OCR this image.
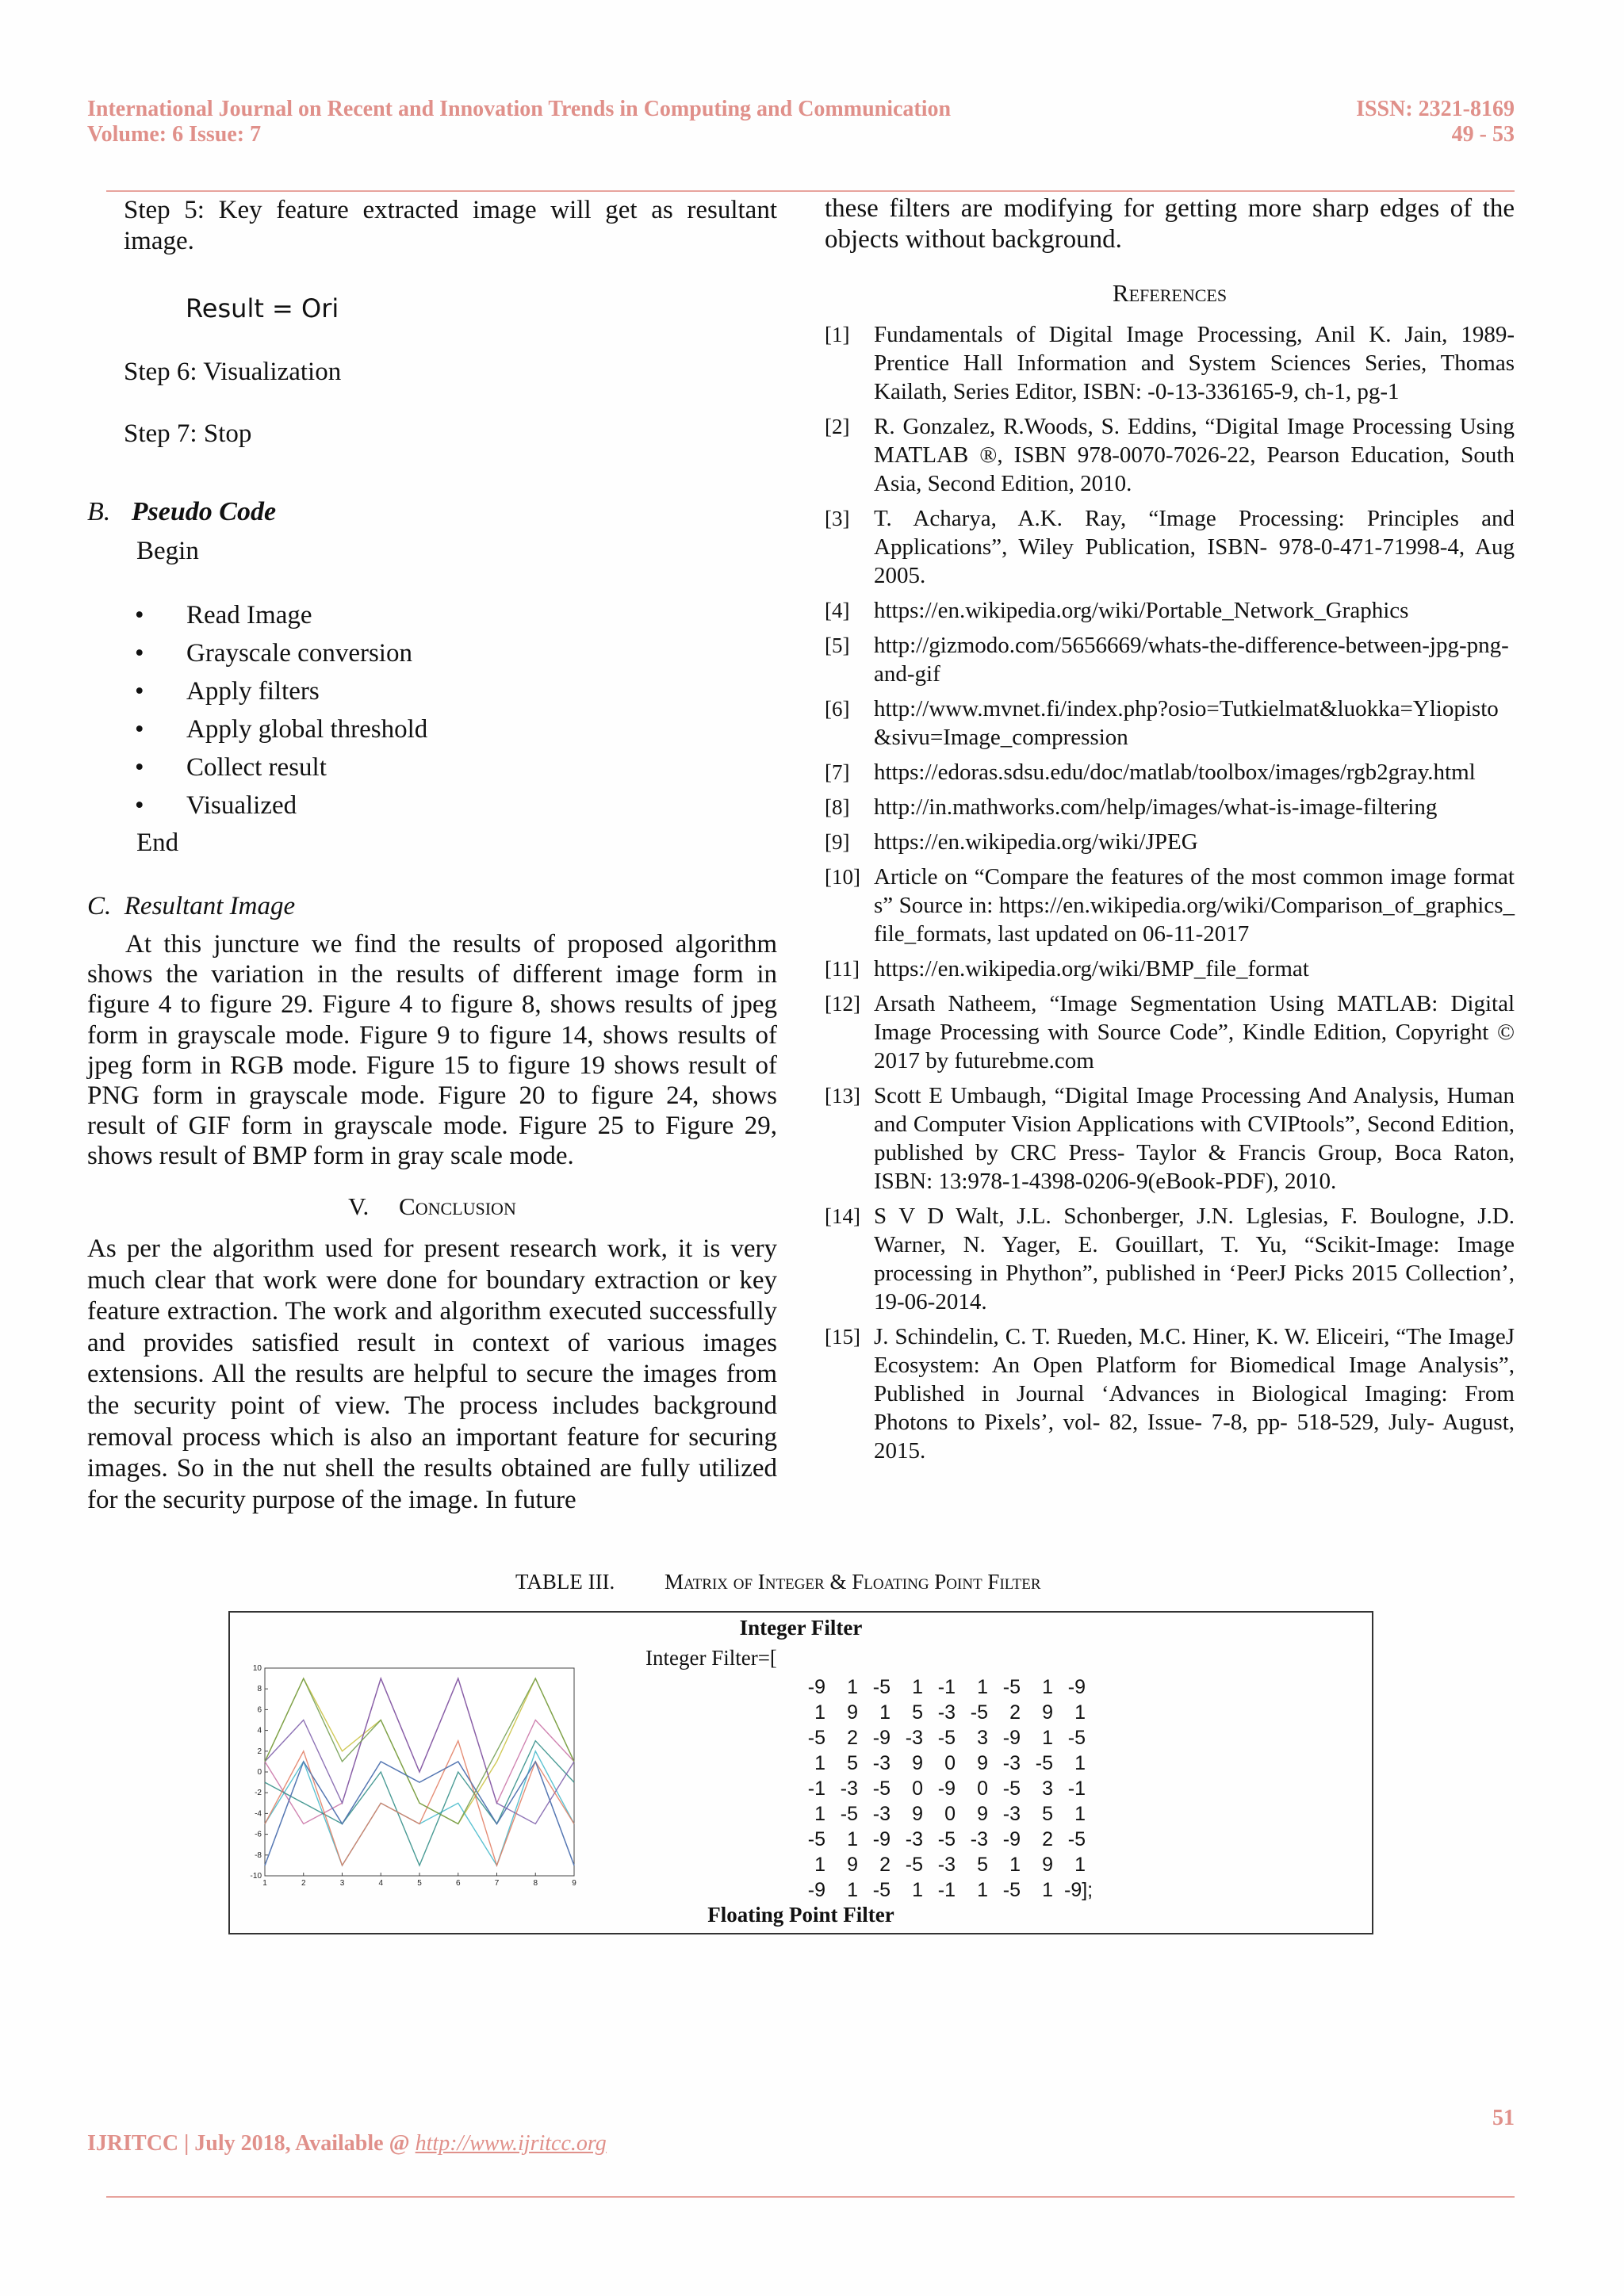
International Journal on Recent and Innovation Trends in Computing and Communication
Volume: 6 Issue: 7
ISSN: 2321-8169
49 - 53

Step 5: Key feature extracted image will get as resultant image.

Result = Ori

Step 6: Visualization

Step 7: Stop

B. Pseudo Code

Begin

• Read Image
• Grayscale conversion
• Apply filters
• Apply global threshold
• Collect result
• Visualized

End

C.  Resultant Image

At this juncture we find the results of proposed algorithm shows the variation in the results of different image form in figure 4 to figure 29. Figure 4 to figure 8, shows results of jpeg form in grayscale mode. Figure 9 to figure 14, shows results of jpeg form in RGB mode. Figure 15 to figure 19 shows result of PNG form in grayscale mode. Figure 20 to figure 24, shows result of GIF form in grayscale mode. Figure 25 to Figure 29, shows result of BMP form in gray scale mode.

V. Conclusion

As per the algorithm used for present research work, it is very much clear that work were done for boundary extraction or key feature extraction. The work and algorithm executed successfully and provides satisfied result in context of various images extensions. All the results are helpful to secure the images from the security point of view. The process includes background removal process which is also an important feature for securing images. So in the nut shell the results obtained are fully utilized for the security purpose of the image. In future

these filters are modifying for getting more sharp edges of the objects without background.

References

[1] Fundamentals of Digital Image Processing, Anil K. Jain, 1989- Prentice Hall Information and System Sciences Series, Thomas Kailath, Series Editor, ISBN: -0-13-336165-9, ch-1, pg-1
[2] R. Gonzalez, R.Woods, S. Eddins, “Digital Image Processing Using MATLAB ®, ISBN 978-0070-7026-22, Pearson Education, South Asia, Second Edition, 2010.
[3] T. Acharya, A.K. Ray, “Image Processing: Principles and Applications”, Wiley Publication, ISBN- 978-0-471-71998-4, Aug 2005.
[4] https://en.wikipedia.org/wiki/Portable_Network_Graphics
[5] http://gizmodo.com/5656669/whats-the-difference-between-jpg-png-and-gif
[6] http://www.mvnet.fi/index.php?osio=Tutkielmat&luokka=Yliopisto&sivu=Image_compression
[7] https://edoras.sdsu.edu/doc/matlab/toolbox/images/rgb2gray.html
[8] http://in.mathworks.com/help/images/what-is-image-filtering
[9] https://en.wikipedia.org/wiki/JPEG
[10] Article on “Compare the features of the most common image formats” Source in: https://en.wikipedia.org/wiki/Comparison_of_graphics_file_formats, last updated on 06-11-2017
[11] https://en.wikipedia.org/wiki/BMP_file_format
[12] Arsath Natheem, “Image Segmentation Using MATLAB: Digital Image Processing with Source Code”, Kindle Edition, Copyright © 2017 by futurebme.com
[13] Scott E Umbaugh, “Digital Image Processing And Analysis, Human and Computer Vision Applications with CVIPtools”, Second Edition, published by CRC Press- Taylor & Francis Group, Boca Raton, ISBN: 13:978-1-4398-0206-9(eBook-PDF), 2010.
[14] S V D Walt, J.L. Schonberger, J.N. Lglesias, F. Boulogne, J.D. Warner, N. Yager, E. Gouillart, T. Yu, “Scikit-Image: Image processing in Phython”, published in ‘PeerJ Picks 2015 Collection’, 19-06-2014.
[15] J. Schindelin, C. T. Rueden, M.C. Hiner, K. W. Eliceiri, “The ImageJ Ecosystem: An Open Platform for Biomedical Image Analysis”, Published in Journal ‘Advances in Biological Imaging: From Photons to Pixels’, vol- 82, Issue- 7-8, pp- 518-529, July- August, 2015.
TABLE III. Matrix of Integer & Floating Point Filter
Integer Filter
Integer Filter=[
1	2	3	4	5	6	7	8	9
10
8
6
4
2
0
-2
-4
-6
-8
-10
Floating Point Filter
-9 1 -5 1 -1 1 -5 1 -9
1 9 1 5 -3 -5 2 9 1
-5 2 -9 -3 -5 3 -9 1 -5
1 5 -3 9 0 9 -3 -5 1
-1 -3 -5 0 -9 0 -5 3 -1
1 -5 -3 9 0 9 -3 5 1
-5 1 -9 -3 -5 -3 -9 2 -5
1 9 2 -5 -3 5 1 9 1
-9 1 -5 1 -1 1 -5 1 -9];
51
IJRITCC | July 2018, Available @ http://www.ijritcc.org
